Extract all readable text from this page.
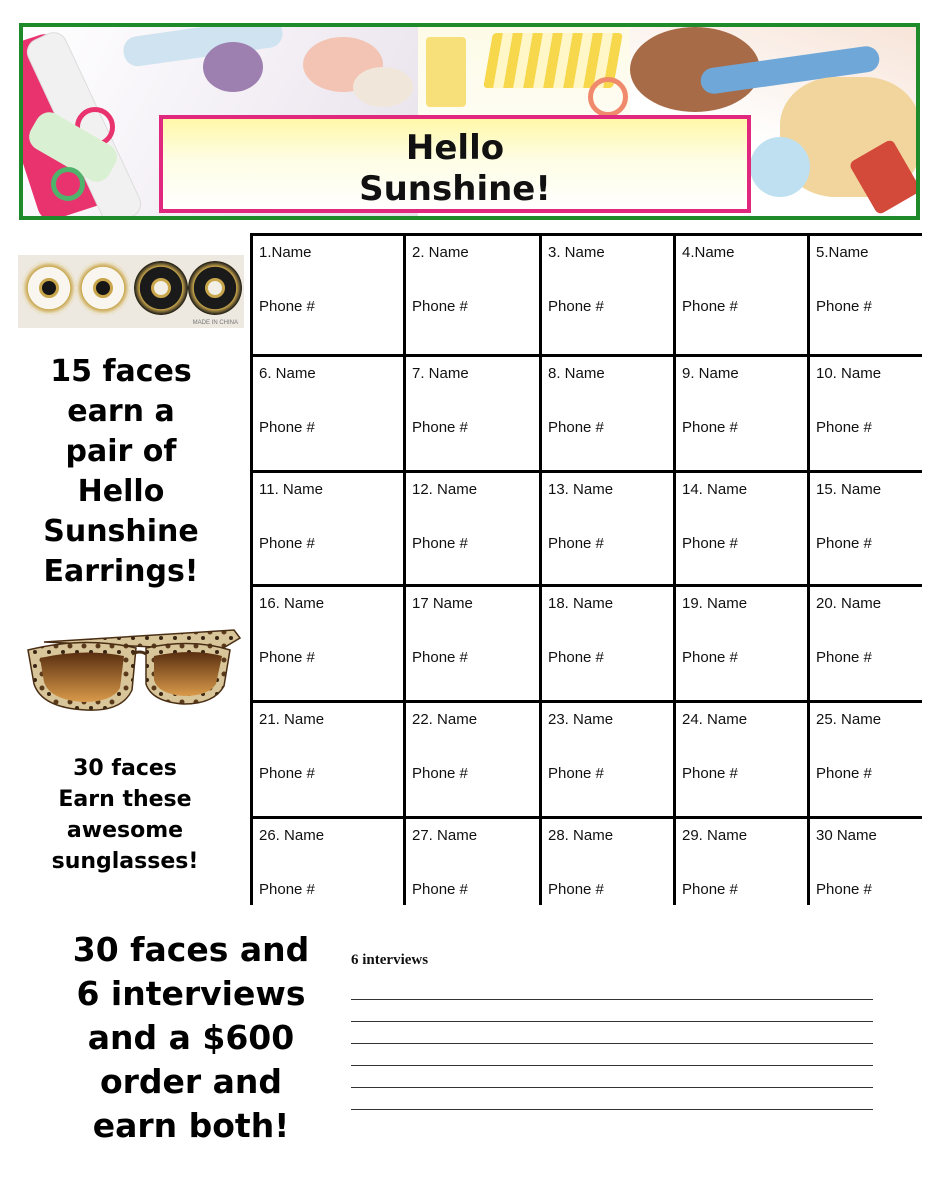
Hello
Sunshine!
MADE IN CHINA
15 faces
earn a
pair of
Hello
Sunshine
Earrings!
30 faces
Earn these
awesome
sunglasses!
1.Name
Phone #
2. Name
Phone #
3. Name
Phone #
4.Name
Phone #
5.Name
Phone #
6. Name
Phone #
7. Name
Phone #
8. Name
Phone #
9. Name
Phone #
10. Name
Phone #
11. Name
Phone #
12. Name
Phone #
13. Name
Phone #
14. Name
Phone #
15. Name
Phone #
16. Name
Phone #
17 Name
Phone #
18. Name
Phone #
19. Name
Phone #
20. Name
Phone #
21. Name
Phone #
22. Name
Phone #
23. Name
Phone #
24. Name
Phone #
25. Name
Phone #
26. Name
Phone #
27. Name
Phone #
28. Name
Phone #
29. Name
Phone #
30 Name
Phone #
30 faces and
6 interviews
and a $600
order and
earn both!
6 interviews
